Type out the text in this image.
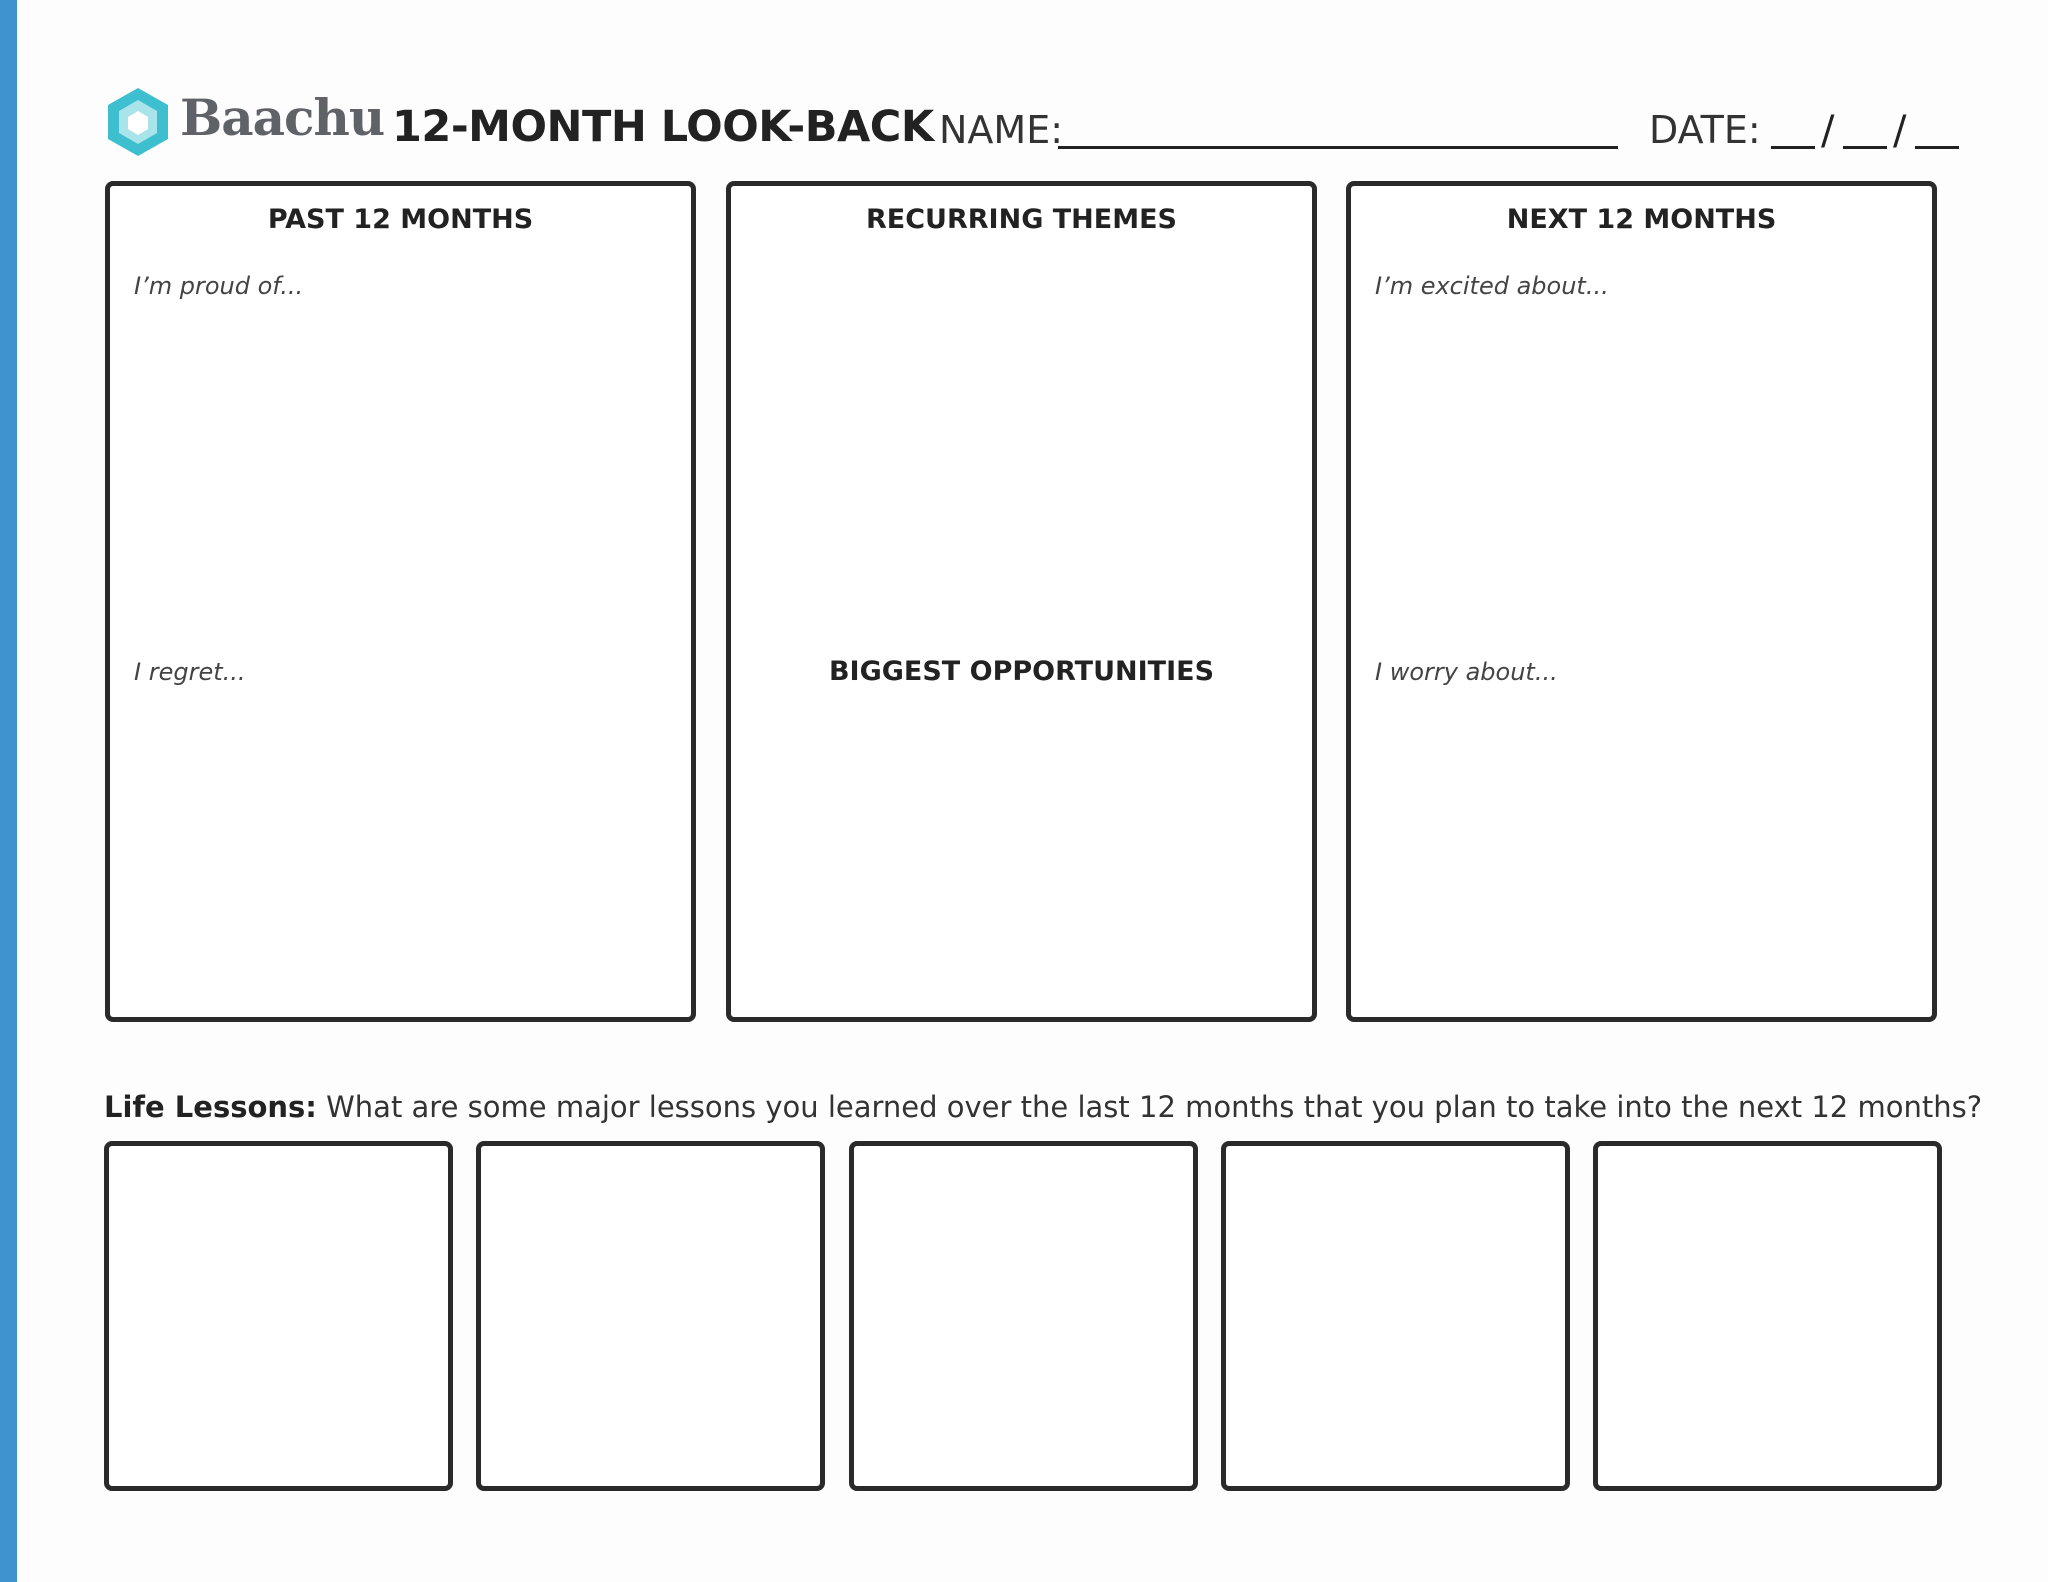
Baachu 12-MONTH LOOK-BACK NAME:	DATE: / /
PAST 12 MONTHS
I’m proud of...
I regret...
RECURRING THEMES
BIGGEST OPPORTUNITIES
NEXT 12 MONTHS
I’m excited about...
I worry about...
Life Lessons: What are some major lessons you learned over the last 12 months that you plan to take into the next 12 months?
